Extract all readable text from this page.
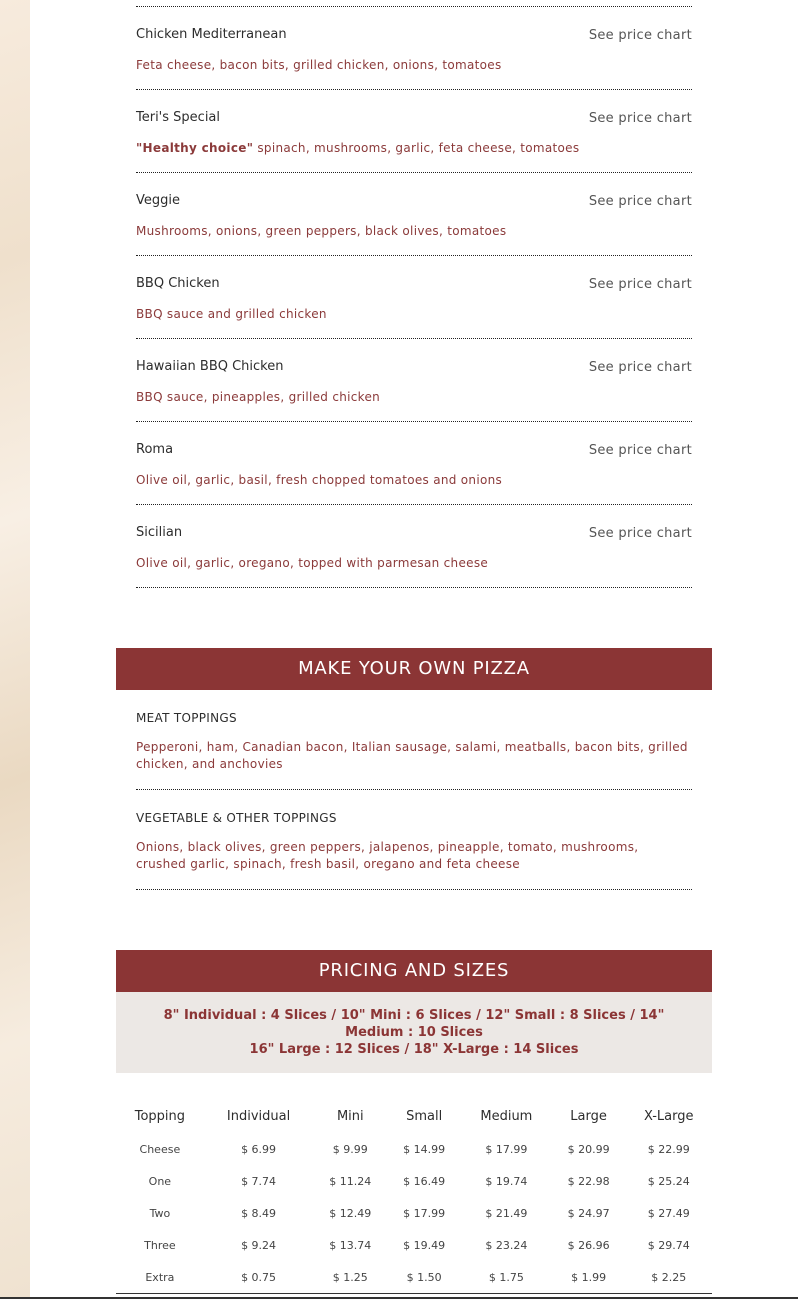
Chicken Mediterranean	See price chart
Feta cheese, bacon bits, grilled chicken, onions, tomatoes
Teri's Special	See price chart
"Healthy choice" spinach, mushrooms, garlic, feta cheese, tomatoes
Veggie	See price chart
Mushrooms, onions, green peppers, black olives, tomatoes
BBQ Chicken	See price chart
BBQ sauce and grilled chicken
Hawaiian BBQ Chicken	See price chart
BBQ sauce, pineapples, grilled chicken
Roma	See price chart
Olive oil, garlic, basil, fresh chopped tomatoes and onions
Sicilian	See price chart
Olive oil, garlic, oregano, topped with parmesan cheese
MAKE YOUR OWN PIZZA
MEAT TOPPINGS
Pepperoni, ham, Canadian bacon, Italian sausage, salami, meatballs, bacon bits, grilled chicken, and anchovies
VEGETABLE & OTHER TOPPINGS
Onions, black olives, green peppers, jalapenos, pineapple, tomato, mushrooms, crushed garlic, spinach, fresh basil, oregano and feta cheese
PRICING AND SIZES
8" Individual : 4 Slices / 10" Mini : 6 Slices / 12" Small : 8 Slices / 14" Medium : 10 Slices
16" Large : 12 Slices / 18" X-Large : 14 Slices
Topping	Individual	Mini	Small	Medium	Large	X-Large
Cheese	$ 6.99	$ 9.99	$ 14.99	$ 17.99	$ 20.99	$ 22.99
One	$ 7.74	$ 11.24	$ 16.49	$ 19.74	$ 22.98	$ 25.24
Two	$ 8.49	$ 12.49	$ 17.99	$ 21.49	$ 24.97	$ 27.49
Three	$ 9.24	$ 13.74	$ 19.49	$ 23.24	$ 26.96	$ 29.74
Extra	$ 0.75	$ 1.25	$ 1.50	$ 1.75	$ 1.99	$ 2.25
